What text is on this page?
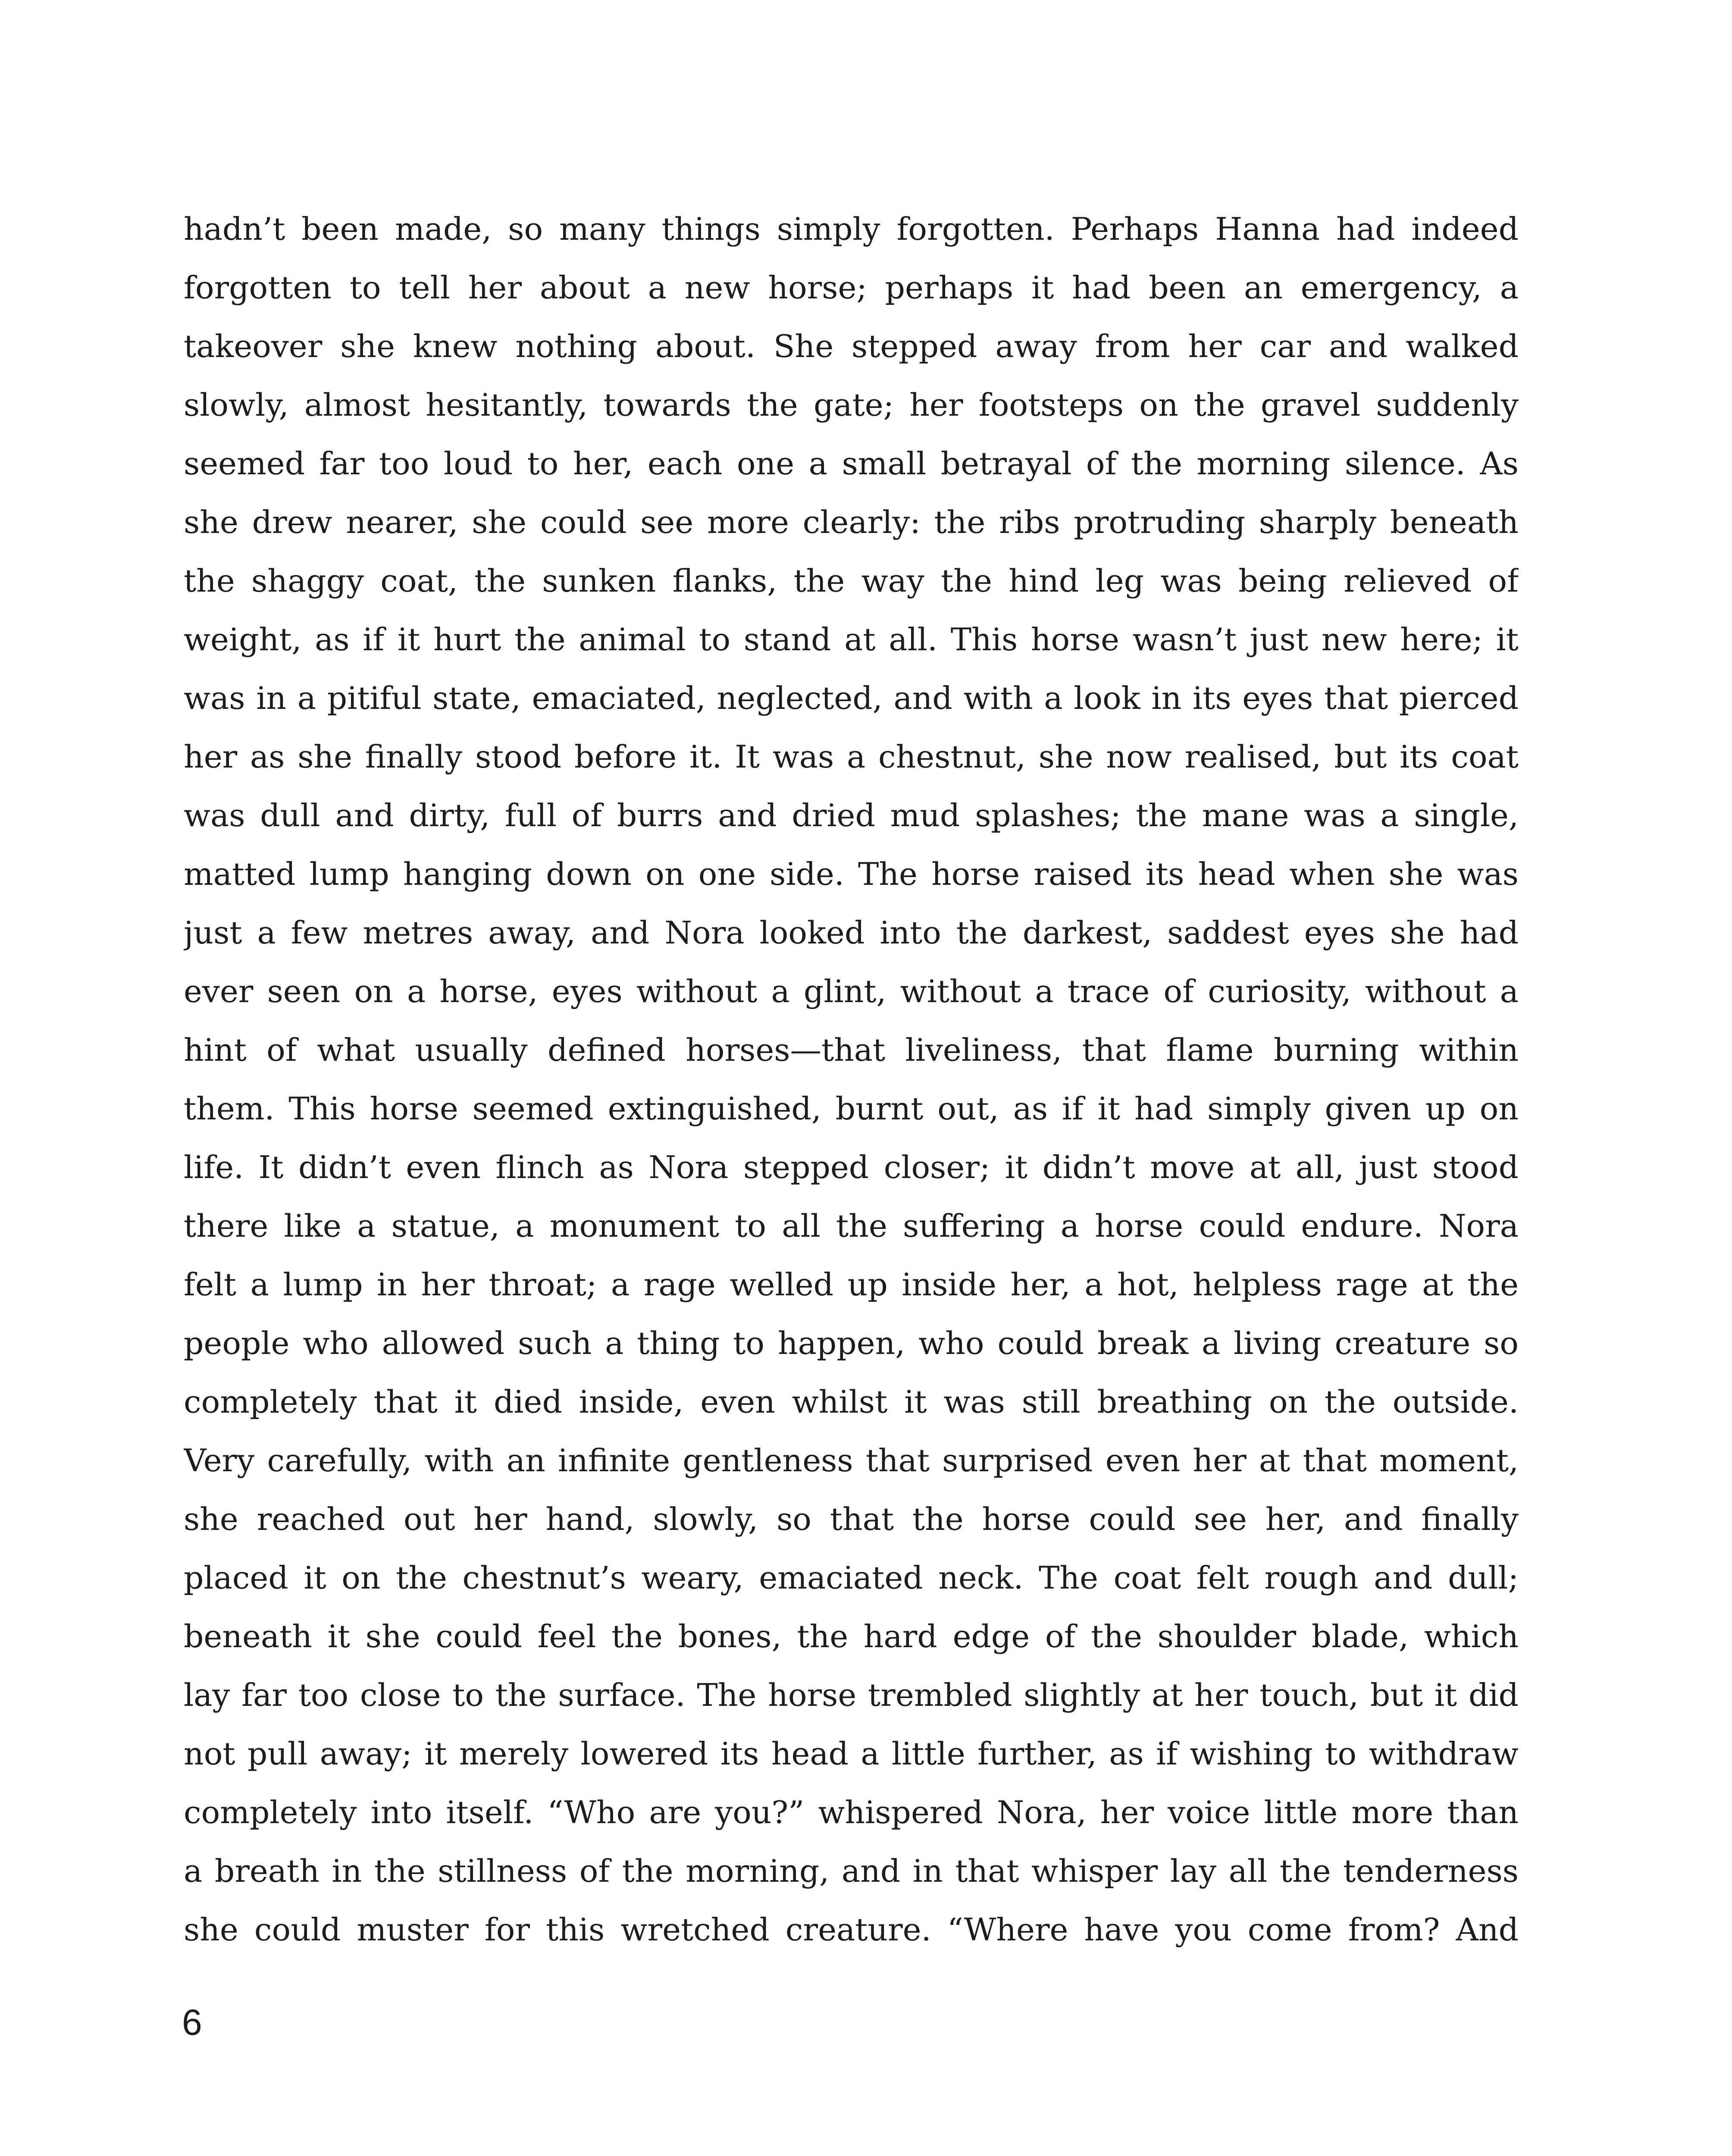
hadn’t been made, so many things simply forgotten. Perhaps Hanna had indeed
forgotten to tell her about a new horse; perhaps it had been an emergency, a
takeover she knew nothing about. She stepped away from her car and walked
slowly, almost hesitantly, towards the gate; her footsteps on the gravel suddenly
seemed far too loud to her, each one a small betrayal of the morning silence. As
she drew nearer, she could see more clearly: the ribs protruding sharply beneath
the shaggy coat, the sunken flanks, the way the hind leg was being relieved of
weight, as if it hurt the animal to stand at all. This horse wasn’t just new here; it
was in a pitiful state, emaciated, neglected, and with a look in its eyes that pierced
her as she finally stood before it. It was a chestnut, she now realised, but its coat
was dull and dirty, full of burrs and dried mud splashes; the mane was a single,
matted lump hanging down on one side. The horse raised its head when she was
just a few metres away, and Nora looked into the darkest, saddest eyes she had
ever seen on a horse, eyes without a glint, without a trace of curiosity, without a
hint of what usually defined horses—that liveliness, that flame burning within
them. This horse seemed extinguished, burnt out, as if it had simply given up on
life. It didn’t even flinch as Nora stepped closer; it didn’t move at all, just stood
there like a statue, a monument to all the suffering a horse could endure. Nora
felt a lump in her throat; a rage welled up inside her, a hot, helpless rage at the
people who allowed such a thing to happen, who could break a living creature so
completely that it died inside, even whilst it was still breathing on the outside.
Very carefully, with an infinite gentleness that surprised even her at that moment,
she reached out her hand, slowly, so that the horse could see her, and finally
placed it on the chestnut’s weary, emaciated neck. The coat felt rough and dull;
beneath it she could feel the bones, the hard edge of the shoulder blade, which
lay far too close to the surface. The horse trembled slightly at her touch, but it did
not pull away; it merely lowered its head a little further, as if wishing to withdraw
completely into itself. “Who are you?” whispered Nora, her voice little more than
a breath in the stillness of the morning, and in that whisper lay all the tenderness
she could muster for this wretched creature. “Where have you come from? And
6
